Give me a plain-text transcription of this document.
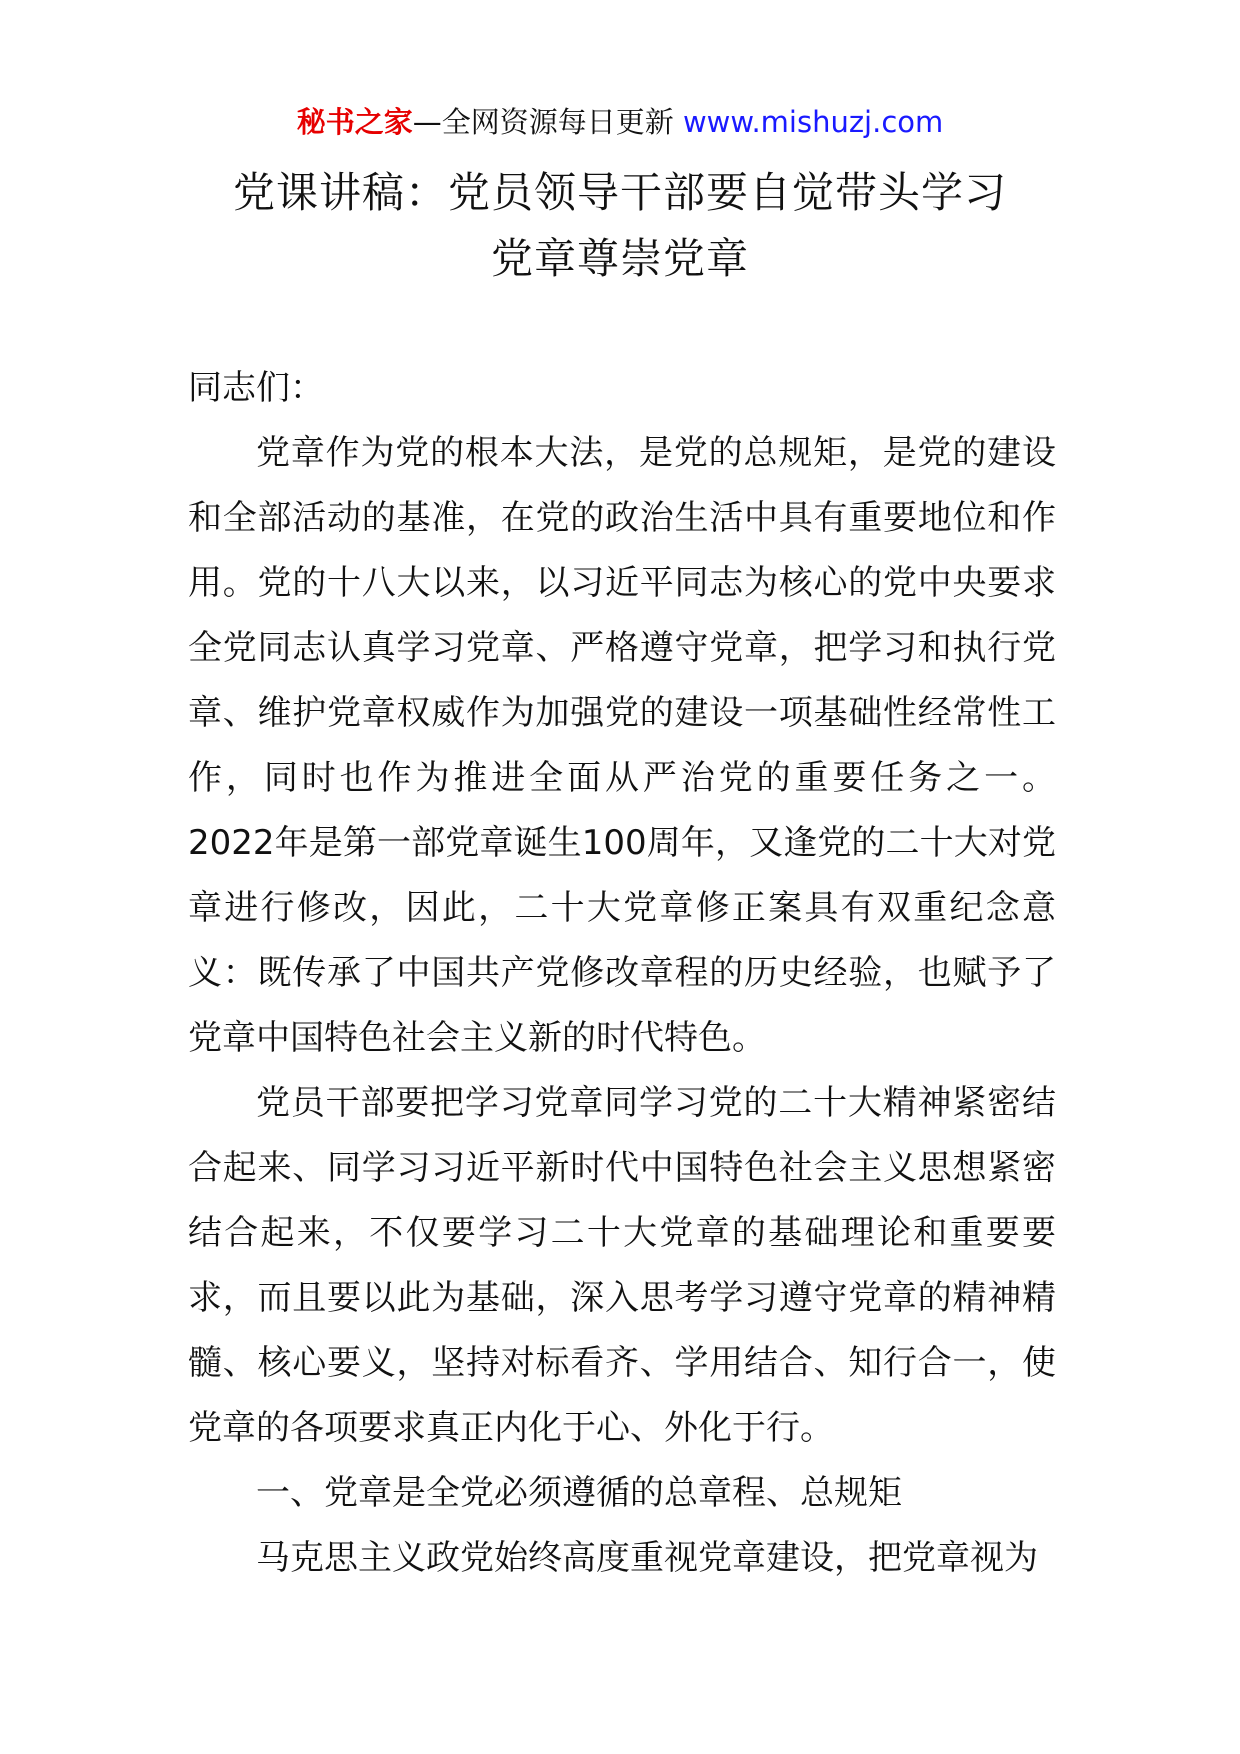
秘书之家—全网资源每日更新 www.mishuzj.com
党课讲稿：党员领导干部要自觉带头学习
党章尊崇党章

同志们：

党章作为党的根本大法，是党的总规矩，是党的建设和全部活动的基准，在党的政治生活中具有重要地位和作用。党的十八大以来，以习近平同志为核心的党中央要求全党同志认真学习党章、严格遵守党章，把学习和执行党章、维护党章权威作为加强党的建设一项基础性经常性工作，同时也作为推进全面从严治党的重要任务之一。2022年是第一部党章诞生100周年，又逢党的二十大对党章进行修改，因此，二十大党章修正案具有双重纪念意义：既传承了中国共产党修改章程的历史经验，也赋予了党章中国特色社会主义新的时代特色。

党员干部要把学习党章同学习党的二十大精神紧密结合起来、同学习习近平新时代中国特色社会主义思想紧密结合起来，不仅要学习二十大党章的基础理论和重要要求，而且要以此为基础，深入思考学习遵守党章的精神精髓、核心要义，坚持对标看齐、学用结合、知行合一，使党章的各项要求真正内化于心、外化于行。

一、党章是全党必须遵循的总章程、总规矩

马克思主义政党始终高度重视党章建设，把党章视为
